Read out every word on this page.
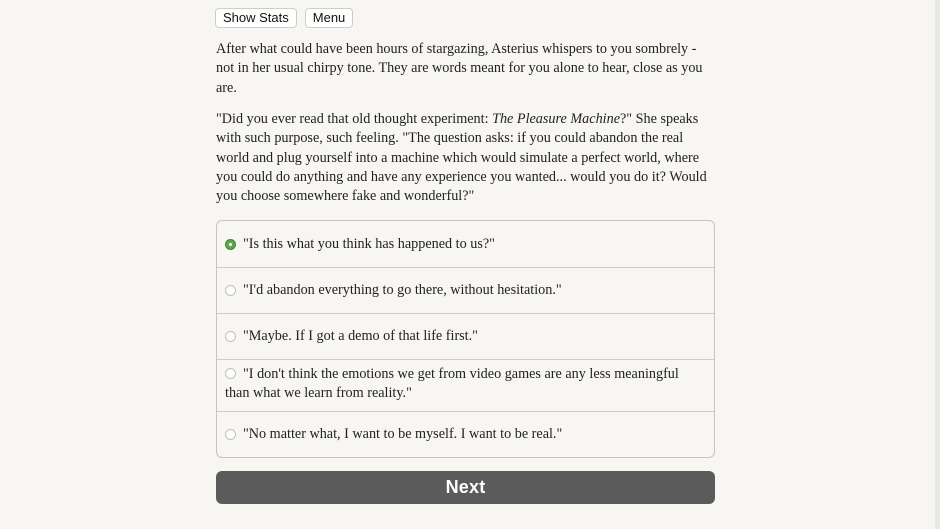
Show Stats	Menu

After what could have been hours of stargazing, Asterius whispers to you sombrely - not in her usual chirpy tone. They are words meant for you alone to hear, close as you are.

"Did you ever read that old thought experiment: The Pleasure Machine?" She speaks with such purpose, such feeling. "The question asks: if you could abandon the real world and plug yourself into a machine which would simulate a perfect world, where you could do anything and have any experience you wanted... would you do it? Would you choose somewhere fake and wonderful?"

"Is this what you think has happened to us?"
"I'd abandon everything to go there, without hesitation."
"Maybe. If I got a demo of that life first."
"I don't think the emotions we get from video games are any less meaningful than what we learn from reality."
"No matter what, I want to be myself. I want to be real."
Next
